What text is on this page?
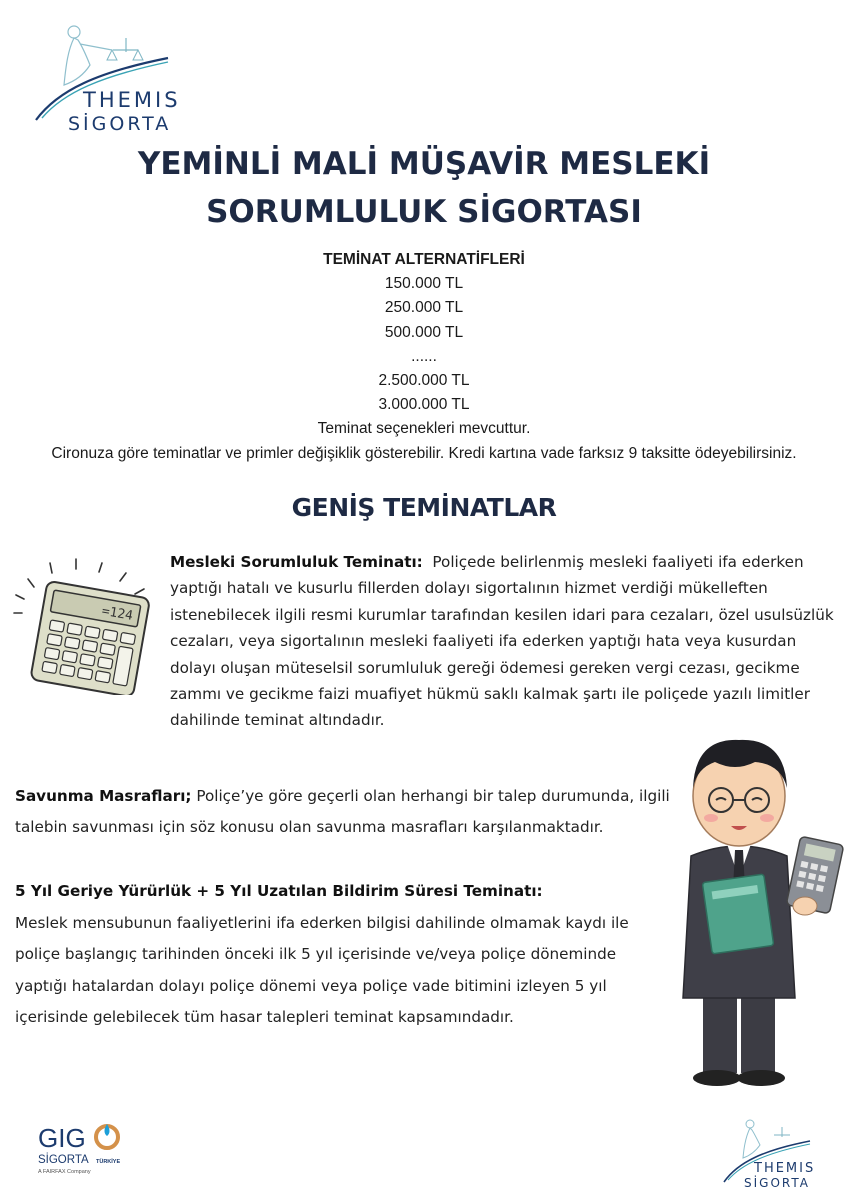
THEMIS
SİGORTA
YEMİNLİ MALİ MÜŞAVİR MESLEKİ
SORUMLULUK SİGORTASI
TEMİNAT ALTERNATİFLERİ
150.000 TL
250.000 TL
500.000 TL
......
2.500.000 TL
3.000.000 TL
Teminat seçenekleri mevcuttur.
Cironuza göre teminatlar ve primler değişiklik gösterebilir. Kredi kartına vade farksız 9 taksitte ödeyebilirsiniz.
GENİŞ TEMİNATLAR
=124
Mesleki Sorumluluk Teminatı: Poliçede belirlenmiş mesleki faaliyeti ifa ederken yaptığı hatalı ve kusurlu fillerden dolayı sigortalının hizmet verdiği mükelleften istenebilecek ilgili resmi kurumlar tarafından kesilen idari para cezaları, özel usulsüzlük cezaları, veya sigortalının mesleki faaliyeti ifa ederken yaptığı hata veya kusurdan dolayı oluşan müteselsil sorumluluk gereği ödemesi gereken vergi cezası, gecikme zammı ve gecikme faizi muafiyet hükmü saklı kalmak şartı ile poliçede yazılı limitler dahilinde teminat altındadır.
Savunma Masrafları; Poliçe’ye göre geçerli olan herhangi bir talep durumunda, ilgili talebin savunması için söz konusu olan savunma masrafları karşılanmaktadır.
5 Yıl Geriye Yürürlük + 5 Yıl Uzatılan Bildirim Süresi Teminatı:
Meslek mensubunun faaliyetlerini ifa ederken bilgisi dahilinde olmamak kaydı ile poliçe başlangıç tarihinden önceki ilk 5 yıl içerisinde ve/veya poliçe döneminde yaptığı hatalardan dolayı poliçe dönemi veya poliçe vade bitimini izleyen 5 yıl içerisinde gelebilecek tüm hasar talepleri teminat kapsamındadır.
GIG
SİGORTA TÜRKİYE
A FAIRFAX Company	THEMIS
SİGORTA
